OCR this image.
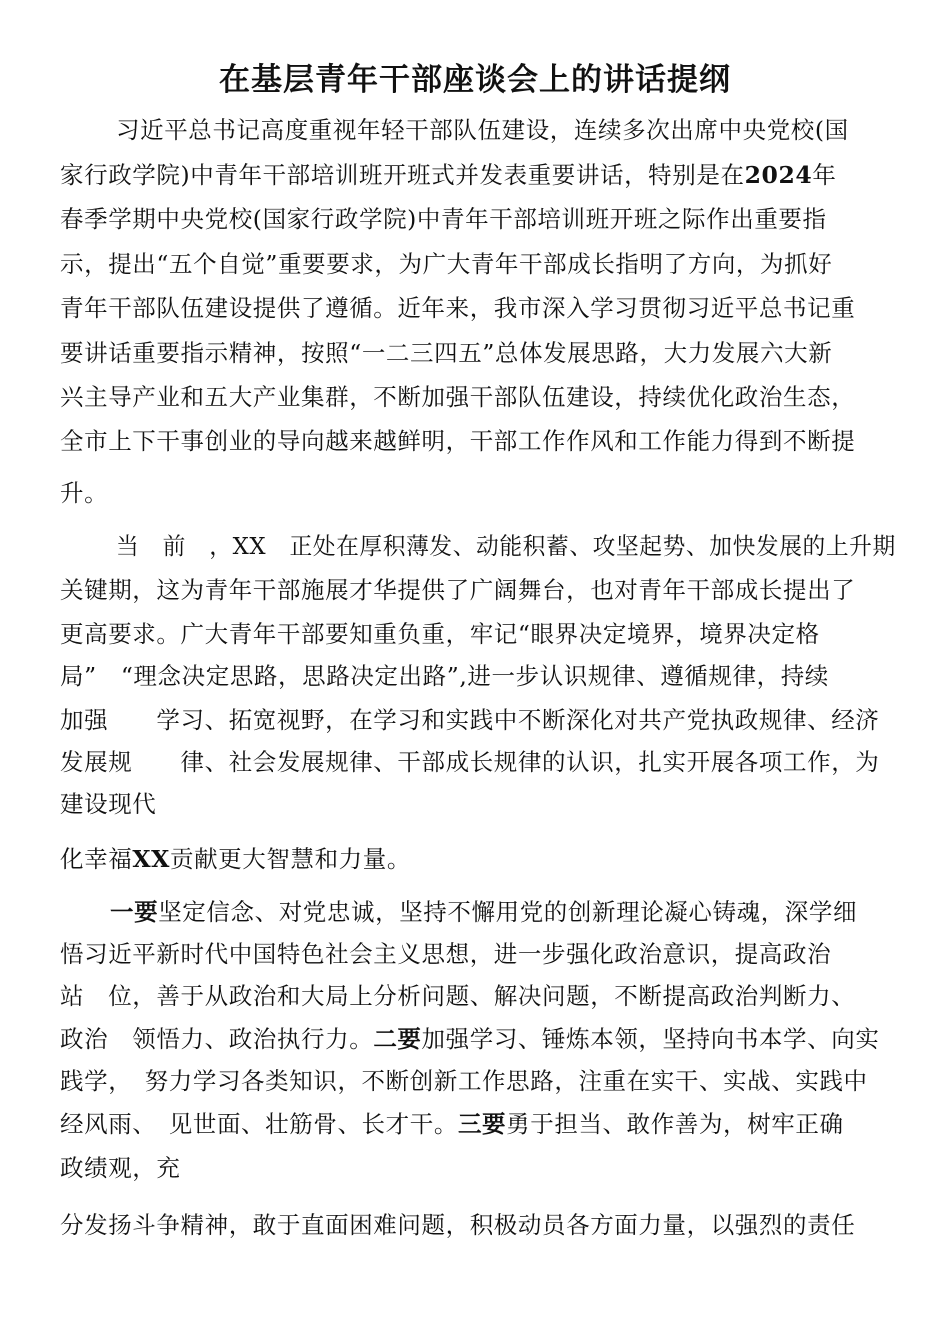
在基层青年干部座谈会上的讲话提纲
习近平总书记高度重视年轻干部队伍建设，连续多次出席中央党校(国
家行政学院)中青年干部培训班开班式并发表重要讲话，特别是在2024年
春季学期中央党校(国家行政学院)中青年干部培训班开班之际作出重要指
示，提出“五个自觉”重要要求，为广大青年干部成长指明了方向，为抓好
青年干部队伍建设提供了遵循。近年来，我市深入学习贯彻习近平总书记重
要讲话重要指示精神，按照“一二三四五”总体发展思路，大力发展六大新
兴主导产业和五大产业集群，不断加强干部队伍建设，持续优化政治生态，
全市上下干事创业的导向越来越鲜明，干部工作作风和工作能力得到不断提
升。
当　前　，XX　正处在厚积薄发、动能积蓄、攻坚起势、加快发展的上升期
关键期，这为青年干部施展才华提供了广阔舞台，也对青年干部成长提出了
更高要求。广大青年干部要知重负重，牢记“眼界决定境界，境界决定格
局”　“理念决定思路，思路决定出路”,进一步认识规律、遵循规律，持续
加强　　学习、拓宽视野，在学习和实践中不断深化对共产党执政规律、经济
发展规　　律、社会发展规律、干部成长规律的认识，扎实开展各项工作，为
建设现代
化幸福XX贡献更大智慧和力量。
一要坚定信念、对党忠诚，坚持不懈用党的创新理论凝心铸魂，深学细
悟习近平新时代中国特色社会主义思想，进一步强化政治意识，提高政治
站　位，善于从政治和大局上分析问题、解决问题，不断提高政治判断力、
政治　领悟力、政治执行力。二要加强学习、锤炼本领，坚持向书本学、向实
践学，　努力学习各类知识，不断创新工作思路，注重在实干、实战、实践中
经风雨、　见世面、壮筋骨、长才干。三要勇于担当、敢作善为，树牢正确
政绩观，充
分发扬斗争精神，敢于直面困难问题，积极动员各方面力量，以强烈的责任
